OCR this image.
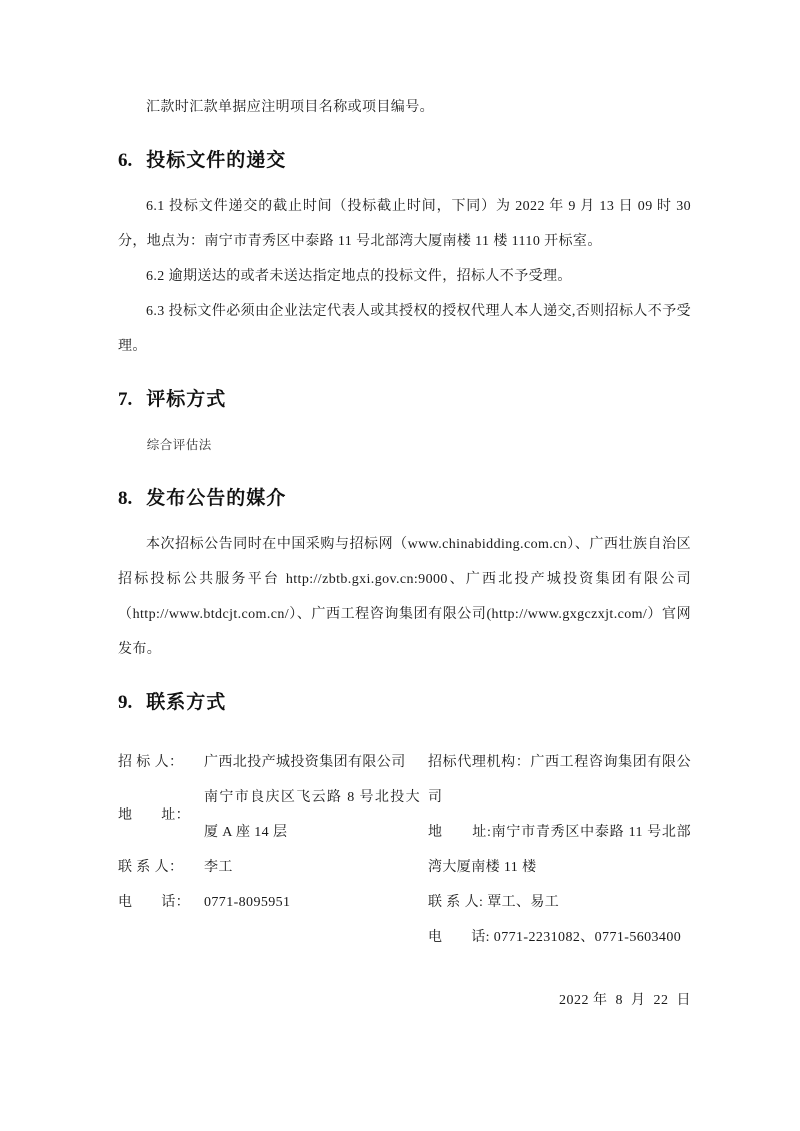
汇款时汇款单据应注明项目名称或项目编号。

6. 投标文件的递交

6.1 投标文件递交的截止时间（投标截止时间，下同）为 2022 年 9 月 13 日 09 时 30 分，地点为：南宁市青秀区中泰路 11 号北部湾大厦南楼 11 楼 1110 开标室。

6.2 逾期送达的或者未送达指定地点的投标文件，招标人不予受理。

6.3 投标文件必须由企业法定代表人或其授权的授权代理人本人递交,否则招标人不予受理。

7. 评标方式

综合评估法

8. 发布公告的媒介

本次招标公告同时在中国采购与招标网（www.chinabidding.com.cn）、广西壮族自治区招标投标公共服务平台 http://zbtb.gxi.gov.cn:9000、广西北投产城投资集团有限公司（http://www.btdcjt.com.cn/）、广西工程咨询集团有限公司(http://www.gxgczxjt.com/）官网发布。

9. 联系方式
招 标 人：	广西北投产城投资集团有限公司
地　　址：
南宁市良庆区飞云路 8 号北投大厦 A 座 14 层
联 系 人：	李工
电　　话：	0771-8095951

招标代理机构：广西工程咨询集团有限公司

地　　址:南宁市青秀区中泰路 11 号北部湾大厦南楼 11 楼

联 系 人: 覃工、易工

电　　话: 0771-2231082、0771-5603400

2022 年  8  月  22  日
